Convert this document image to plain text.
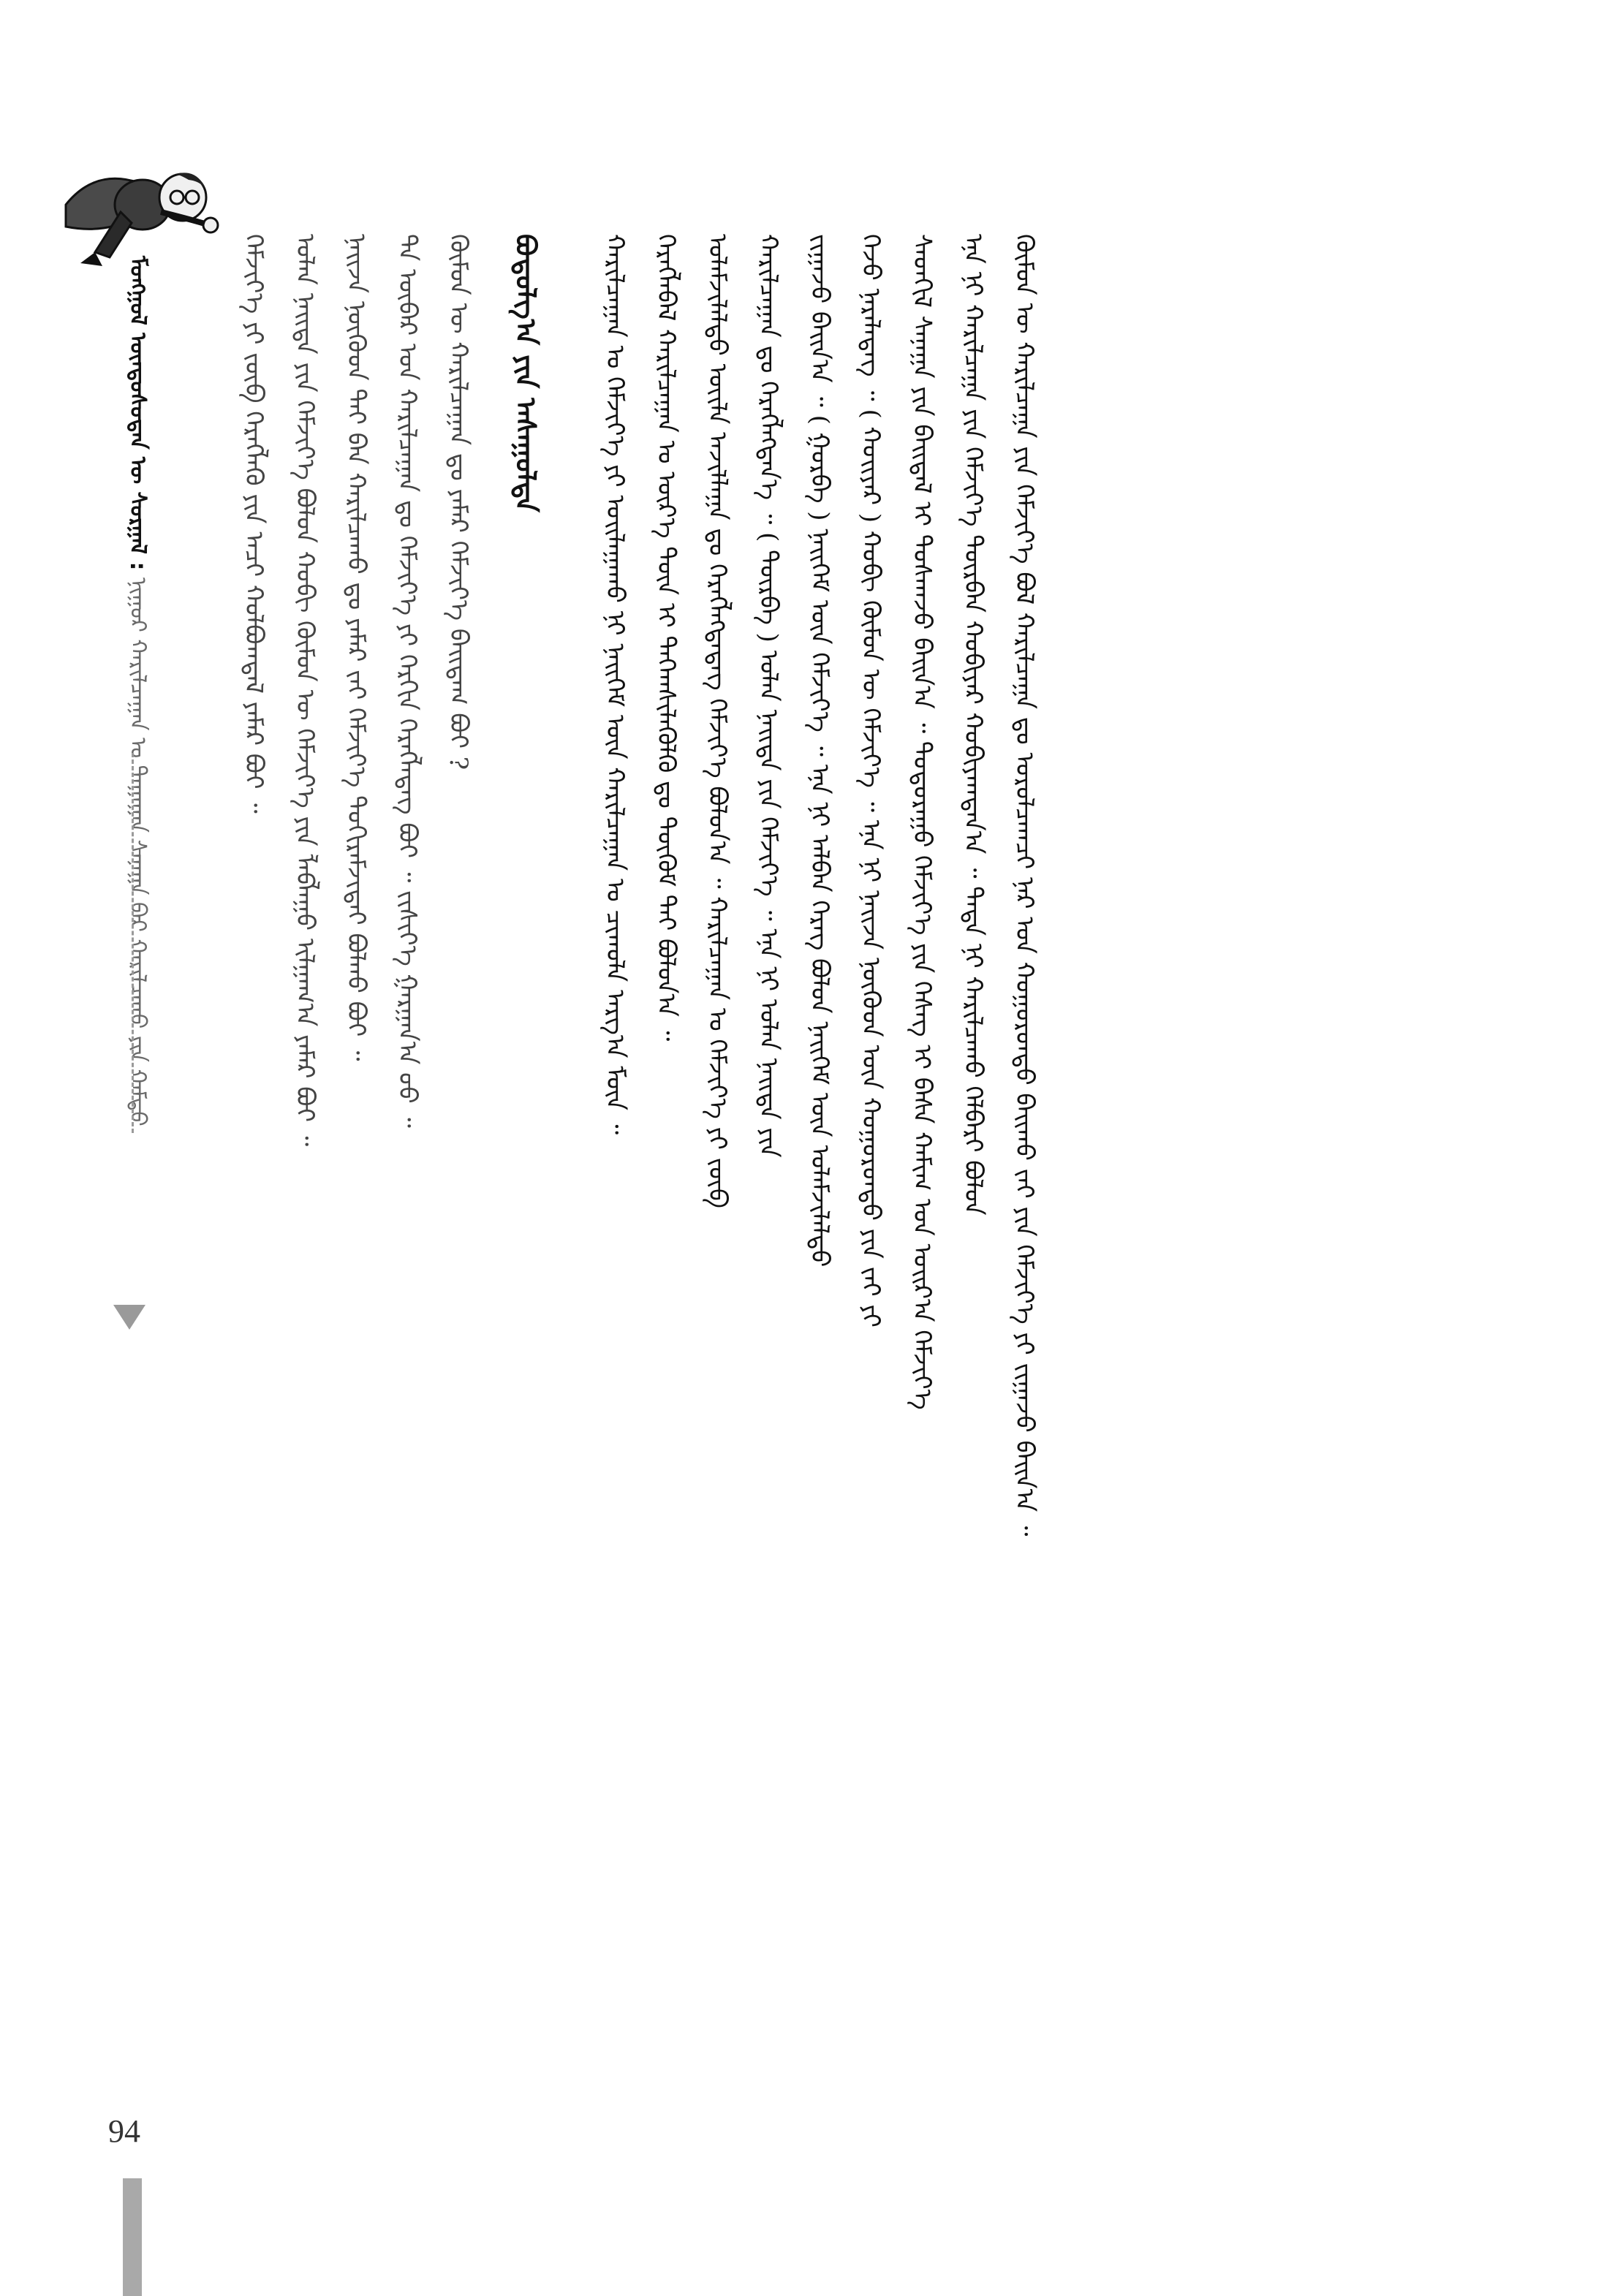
ᠮᠣᠩᠭᠣᠯ ᠦᠨᠳᠦᠰᠦᠲᠡᠨ ᠦ ᠰᠤᠷᠭᠠᠯ : ᠨᠢᠭᠤᠷ ᠬᠠᠷᠢᠯᠴᠠᠭᠠᠨ ᠤ ᠳᠠᠭᠠᠭᠠᠨ ᠰᠠᠨᠠᠭᠠ ᠪᠡᠷ ᠬᠠᠷᠢᠯᠴᠠᠬᠤ ᠶᠢᠨ ᠬᠠᠮᠲᠤ
ᠬᠡᠮᠵᠢᠶ᠎ᠡ ᠶᠢ ᠵᠦᠪ ᠬᠡᠷᠡᠭᠯᠡᠬᠦ ᠶᠢᠨ ᠠᠴᠢ ᠬᠣᠯᠪᠣᠭᠳᠠᠯ ᠶᠠᠮᠠᠷ ᠪᠤᠢ ᠃ ᠣᠯᠠᠨ ᠨᠡᠢᠲᠡ ᠶᠢᠨ ᠬᠡᠮᠵᠢᠶ᠎ᠡ ᠪᠣᠯᠤᠨ ᠬᠤᠪᠢ ᠬᠦᠮᠦᠨ ᠦ ᠬᠡᠮᠵᠢᠶ᠎ᠡ ᠶᠢᠨ ᠯᠠᠪᠯᠠᠭᠤ ᠢᠯᠭᠠᠭ᠎ᠠ ᠶᠠᠮᠠᠷ ᠪᠤᠢ ᠃ ᠨᠠᠢᠵᠠ ᠨᠦᠬᠦᠳ ᠲᠡᠢ ᠪᠠᠨ ᠬᠠᠷᠢᠯᠴᠠᠬᠤ ᠳᠤ ᠶᠠᠮᠠᠷ ᠵᠠᠢ ᠬᠡᠮᠵᠢᠶ᠎ᠡ ᠲᠣᠬᠢᠷᠠᠮᠵᠢᠲᠠᠢ ᠪᠣᠯᠬᠤ ᠪᠤᠢ ᠃ ᠲᠠ ᠥᠪᠡᠷ ᠤᠨ ᠬᠠᠷᠢᠯᠴᠠᠭᠠᠨ ᠳᠤ ᠬᠡᠮᠵᠢᠶ᠎ᠡ ᠶᠢ ᠬᠡᠷᠬᠢᠨ ᠬᠡᠷᠡᠭᠯᠡᠳᠡᠭ ᠪᠤᠢ ᠃ ᠵᠢᠱᠢᠶ᠎ᠡ ᠭᠠᠷᠭᠠᠨ᠎ᠠ ᠤᠤ ᠃ ᠬᠦᠮᠦᠨ ᠦ ᠬᠠᠷᠢᠯᠴᠠᠭᠠᠨ ᠳᠤ ᠶᠠᠮᠠᠷ ᠬᠡᠮᠵᠢᠶ᠎ᠡ ᠪᠠᠢᠳᠠᠭ ᠪᠤᠢ ? ᠪᠣᠳᠤᠯᠭ᠎ᠠ ᠶᠢᠨ ᠠᠰᠠᠭᠤᠯᠲᠠ ᠬᠠᠷᠢᠯᠴᠠᠭᠠᠨ ᠤ ᠬᠡᠮᠵᠢᠶ᠎ᠡ ᠶᠢ ᠣᠢᠯᠠᠭᠠᠬᠤ ᠨᠢ ᠨᠡᠢᠭᠡᠮ ᠦᠨ ᠬᠠᠷᠢᠯᠴᠠᠭᠠᠨ ᠤ ᠴᠢᠬᠤᠯᠠ ᠠᠷᠭ᠎ᠠ ᠮᠥᠨ ᠃ ᠬᠡᠷᠡᠭᠯᠡᠪᠡᠯ ᠬᠠᠷᠢᠯᠴᠠᠭᠠᠨ ᠤ ᠦᠷ᠎ᠡ ᠳᠦᠨ ᠢ ᠳᠡᠭᠡᠭ᠍ᠰᠢᠯᠡᠭᠦᠯᠬᠦ ᠳᠤ ᠳᠥᠬᠦᠮ ᠲᠠᠢ ᠪᠣᠯᠤᠨ᠎ᠠ ᠃ ᠤᠯᠠᠮᠵᠢᠯᠠᠯᠲᠤ ᠦᠢᠯᠡ ᠠᠵᠢᠯᠯᠠᠭᠠ ᠳᠤ ᠬᠡᠷᠡᠭᠯᠡᠭᠳᠡᠳᠡᠭ ᠬᠡᠮᠵᠢᠶ᠎ᠡ ᠪᠣᠯᠤᠨ᠎ᠠ ᠃ ᠬᠠᠷᠢᠯᠴᠠᠭᠠᠨ ᠤ ᠬᠡᠮᠵᠢᠶ᠎ᠡ ᠶᠢ ᠵᠦᠪ ᠬᠠᠷᠢᠯᠴᠠᠭᠠᠨ ᠳᠤ ᠬᠡᠷᠡᠭᠯᠡᠭᠳᠡᠨ᠎ᠡ ᠃ ( ᠳᠦᠷᠪᠡ ) ᠣᠯᠠᠨ ᠨᠡᠢᠲᠡ ᠶᠢᠨ ᠬᠡᠮᠵᠢᠶ᠎ᠡ ᠃ ᠡᠨᠡ ᠨᠢ ᠣᠯᠠᠨ ᠨᠡᠢᠲᠡ ᠶᠢᠨ ᠵᠢᠭᠠᠵᠤ ᠪᠠᠢᠨ᠎ᠠ ᠃ ( ᠭᠤᠷᠪᠠ ) ᠨᠡᠢᠭᠡᠮ ᠦᠨ ᠬᠡᠮᠵᠢᠶ᠎ᠡ ᠃ ᠡᠨᠡ ᠨᠢ ᠠᠯᠪᠠᠨ ᠬᠡᠷᠡᠭ ᠪᠣᠯᠤᠨ ᠨᠡᠢᠭᠡᠮ ᠦᠨ ᠤᠯᠠᠮᠵᠢᠯᠠᠯᠲᠤ ᠭᠡᠵᠦ ᠨᠡᠷᠡᠯᠡᠳᠡᠭ ᠃ ( ᠬᠣᠢᠶᠠᠷ ) ᠬᠤᠪᠢ ᠬᠦᠮᠦᠨ ᠦ ᠬᠡᠮᠵᠢᠶ᠎ᠡ ᠃ ᠡᠨᠡ ᠨᠢ ᠨᠠᠢᠵᠠ ᠨᠦᠬᠦᠳ ᠦᠨ ᠬᠣᠭᠣᠷᠣᠨᠳᠤ ᠶᠢᠨ ᠵᠠᠢ ᠶᠢ ᠰᠡᠳᠬᠢᠯ ᠰᠠᠨᠠᠭᠠ ᠶᠢᠨ ᠪᠠᠢᠳᠠᠯ ᠢ ᠲᠤᠰᠬᠠᠵᠤ ᠪᠠᠢᠨ᠎ᠠ ᠃ ᠳᠤᠳᠤᠷᠠᠭᠤ ᠬᠡᠮᠵᠢᠶ᠎ᠡ ᠶᠢᠨ ᠬᠡᠰᠡᠭ ᠢ ᠪᠠᠰᠠ ᠬᠠᠮᠢᠭ ᠤᠨ ᠣᠢᠷ᠎ᠠ ᠬᠡᠮᠵᠢᠶ᠎ᠡ ᠡᠨᠡ ᠨᠢ ᠬᠠᠷᠢᠯᠴᠠᠭᠠ ᠶᠢᠨ ᠬᠡᠮᠵᠢᠶ᠎ᠡ ᠳᠦᠷᠪᠡᠨ ᠬᠤᠪᠢᠶᠠᠷ ᠬᠤᠪᠢᠶᠠᠭᠳᠠᠨ᠎ᠠ ᠃ ᠲᠡᠳᠡ ᠨᠢ ᠬᠠᠷᠢᠯᠴᠠᠬᠤ ᠬᠡᠯᠪᠡᠷᠢ ᠪᠣᠯᠤᠨ ᠬᠦᠮᠦᠨ ᠦ ᠬᠠᠷᠢᠯᠴᠠᠭᠠ ᠶᠢᠨ ᠬᠡᠮᠵᠢᠶ᠎ᠡ ᠪᠣᠯ ᠬᠠᠷᠢᠯᠴᠠᠭᠠ ᠳᠤ ᠣᠷᠣᠯᠴᠠᠭᠴᠢ ᠨᠠᠷ ᠤᠨ ᠬᠣᠭᠣᠷᠣᠨᠳᠤ ᠪᠠᠢᠬᠤ ᠵᠠᠢ ᠶᠢᠨ ᠬᠡᠮᠵᠢᠶ᠎ᠡ ᠶᠢ ᠵᠢᠭᠠᠵᠤ ᠪᠠᠢᠨ᠎ᠠ ᠃
94
